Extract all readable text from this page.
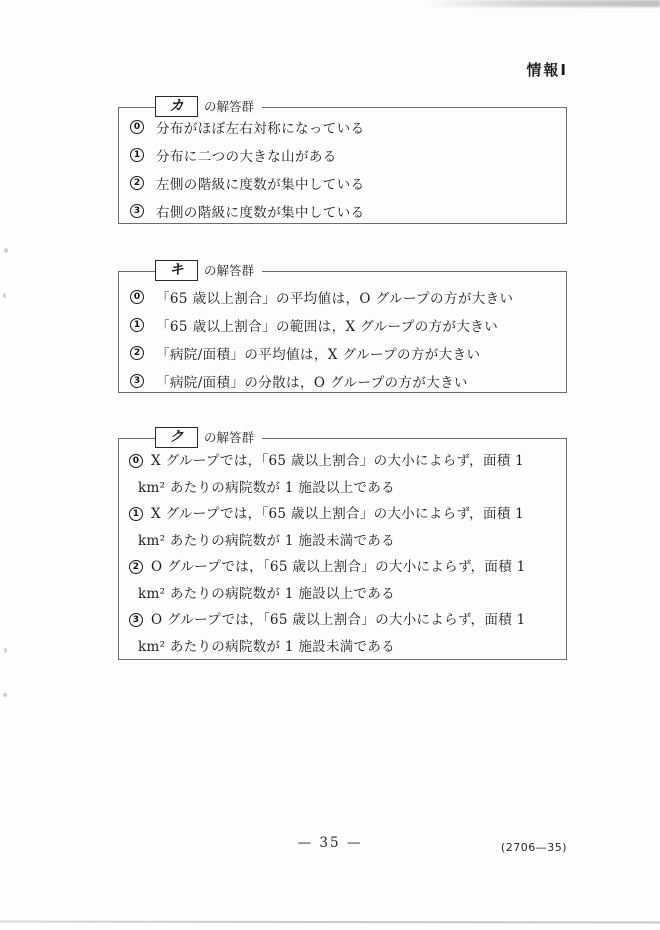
情報Ⅰ
カ	の解答群
0 分布がほぼ左右対称になっている
1 分布に二つの大きな山がある
2 左側の階級に度数が集中している
3 右側の階級に度数が集中している
キ	の解答群
0 「65 歳以上割合」の平均値は，O グループの方が大きい
1 「65 歳以上割合」の範囲は，X グループの方が大きい
2 「病院/面積」の平均値は，X グループの方が大きい
3 「病院/面積」の分散は，O グループの方が大きい
ク	の解答群
0 X グループでは，「65 歳以上割合」の大小によらず，面積 1 km² あたりの病院数が 1 施設以上である
1 X グループでは，「65 歳以上割合」の大小によらず，面積 1 km² あたりの病院数が 1 施設未満である
2 O グループでは，「65 歳以上割合」の大小によらず，面積 1 km² あたりの病院数が 1 施設以上である
3 O グループでは，「65 歳以上割合」の大小によらず，面積 1 km² あたりの病院数が 1 施設未満である
— 35 —	(2706—35)
